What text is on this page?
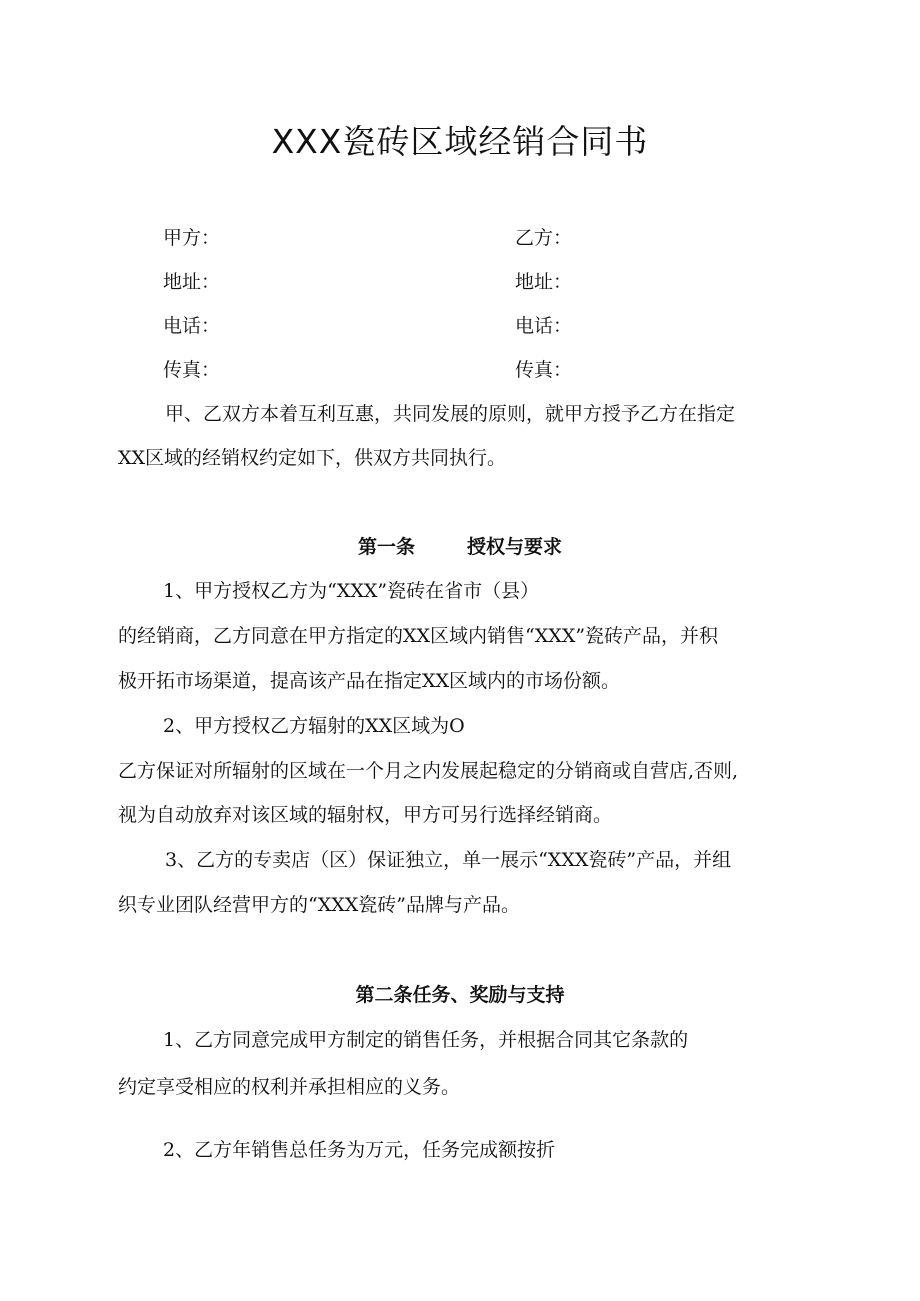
XXX瓷砖区域经销合同书
甲方：	乙方：
地址：	地址：
电话：	电话：
传真：	传真：
甲、乙双方本着互利互惠，共同发展的原则，就甲方授予乙方在指定
XX区域的经销权约定如下，供双方共同执行。
第一条	授权与要求
1、甲方授权乙方为“XXX”瓷砖在省市（县）
的经销商，乙方同意在甲方指定的XX区域内销售“XXX”瓷砖产品，并积
极开拓市场渠道，提高该产品在指定XX区域内的市场份额。
2、甲方授权乙方辐射的XX区域为O
乙方保证对所辐射的区域在一个月之内发展起稳定的分销商或自营店,否则,
视为自动放弃对该区域的辐射权，甲方可另行选择经销商。
3、乙方的专卖店（区）保证独立，单一展示“XXX瓷砖”产品，并组
织专业团队经营甲方的“XXX瓷砖”品牌与产品。
第二条任务、奖励与支持
1、乙方同意完成甲方制定的销售任务，并根据合同其它条款的
约定享受相应的权利并承担相应的义务。
2、乙方年销售总任务为万元，任务完成额按折
